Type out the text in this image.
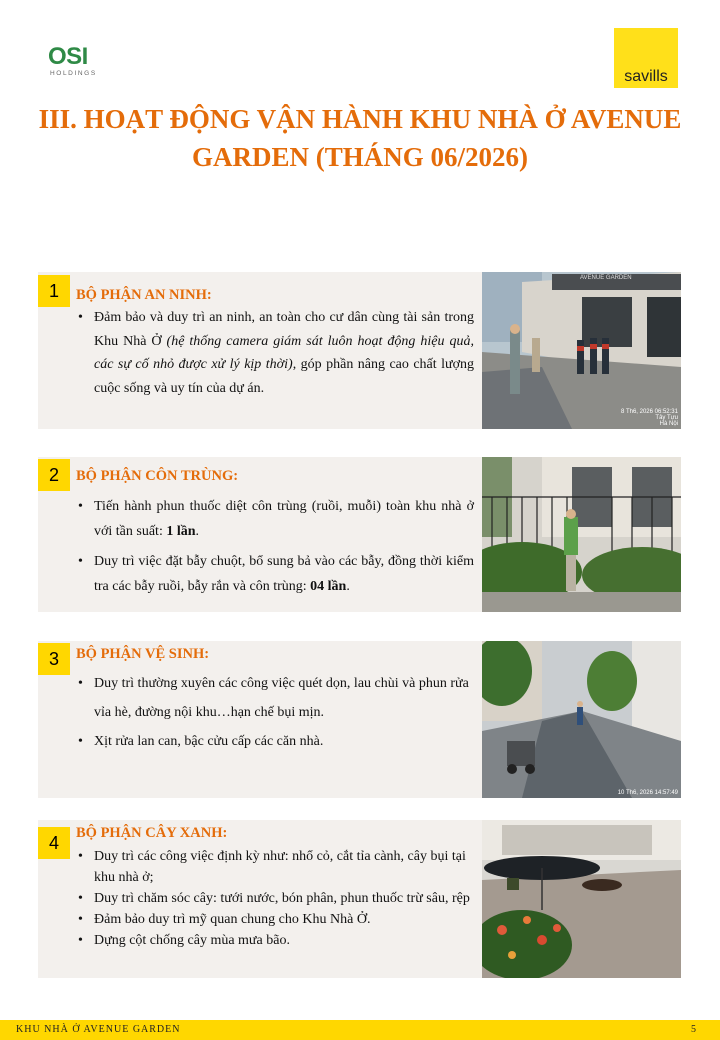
OSI
HOLDINGS	savills
III. HOẠT ĐỘNG VẬN HÀNH KHU NHÀ Ở AVENUE
GARDEN (THÁNG 06/2026)
1	BỘ PHẬN AN NINH:
• Đảm bảo và duy trì an ninh, an toàn cho cư dân cùng tài sản trong Khu Nhà Ở (hệ thống camera giám sát luôn hoạt động hiệu quả, các sự cố nhỏ được xử lý kịp thời), góp phần nâng cao chất lượng cuộc sống và uy tín của dự án.
AVENUE GARDEN
8 Th6, 2026 06:52:31
Tây Tựu
Hà Nội
2	BỘ PHẬN CÔN TRÙNG:
• Tiến hành phun thuốc diệt côn trùng (ruồi, muỗi) toàn khu nhà ở với tần suất: 1 lần.
• Duy trì việc đặt bẫy chuột, bổ sung bả vào các bẫy, đồng thời kiểm tra các bẫy ruồi, bẫy rắn và côn trùng: 04 lần.
3	BỘ PHẬN VỆ SINH:
• Duy trì thường xuyên các công việc quét dọn, lau chùi và phun rửa vỉa hè, đường nội khu…hạn chế bụi mịn.
• Xịt rửa lan can, bậc cửu cấp các căn nhà.
10 Th6, 2026 14:57:49
4	BỘ PHẬN CÂY XANH:
• Duy trì các công việc định kỳ như: nhổ cỏ, cắt tỉa cành, cây bụi tại khu nhà ở;
• Duy trì chăm sóc cây: tưới nước, bón phân, phun thuốc trừ sâu, rệp
• Đảm bảo duy trì mỹ quan chung cho Khu Nhà Ở.
• Dựng cột chống cây mùa mưa bão.
KHU NHÀ Ở AVENUE GARDEN	5
